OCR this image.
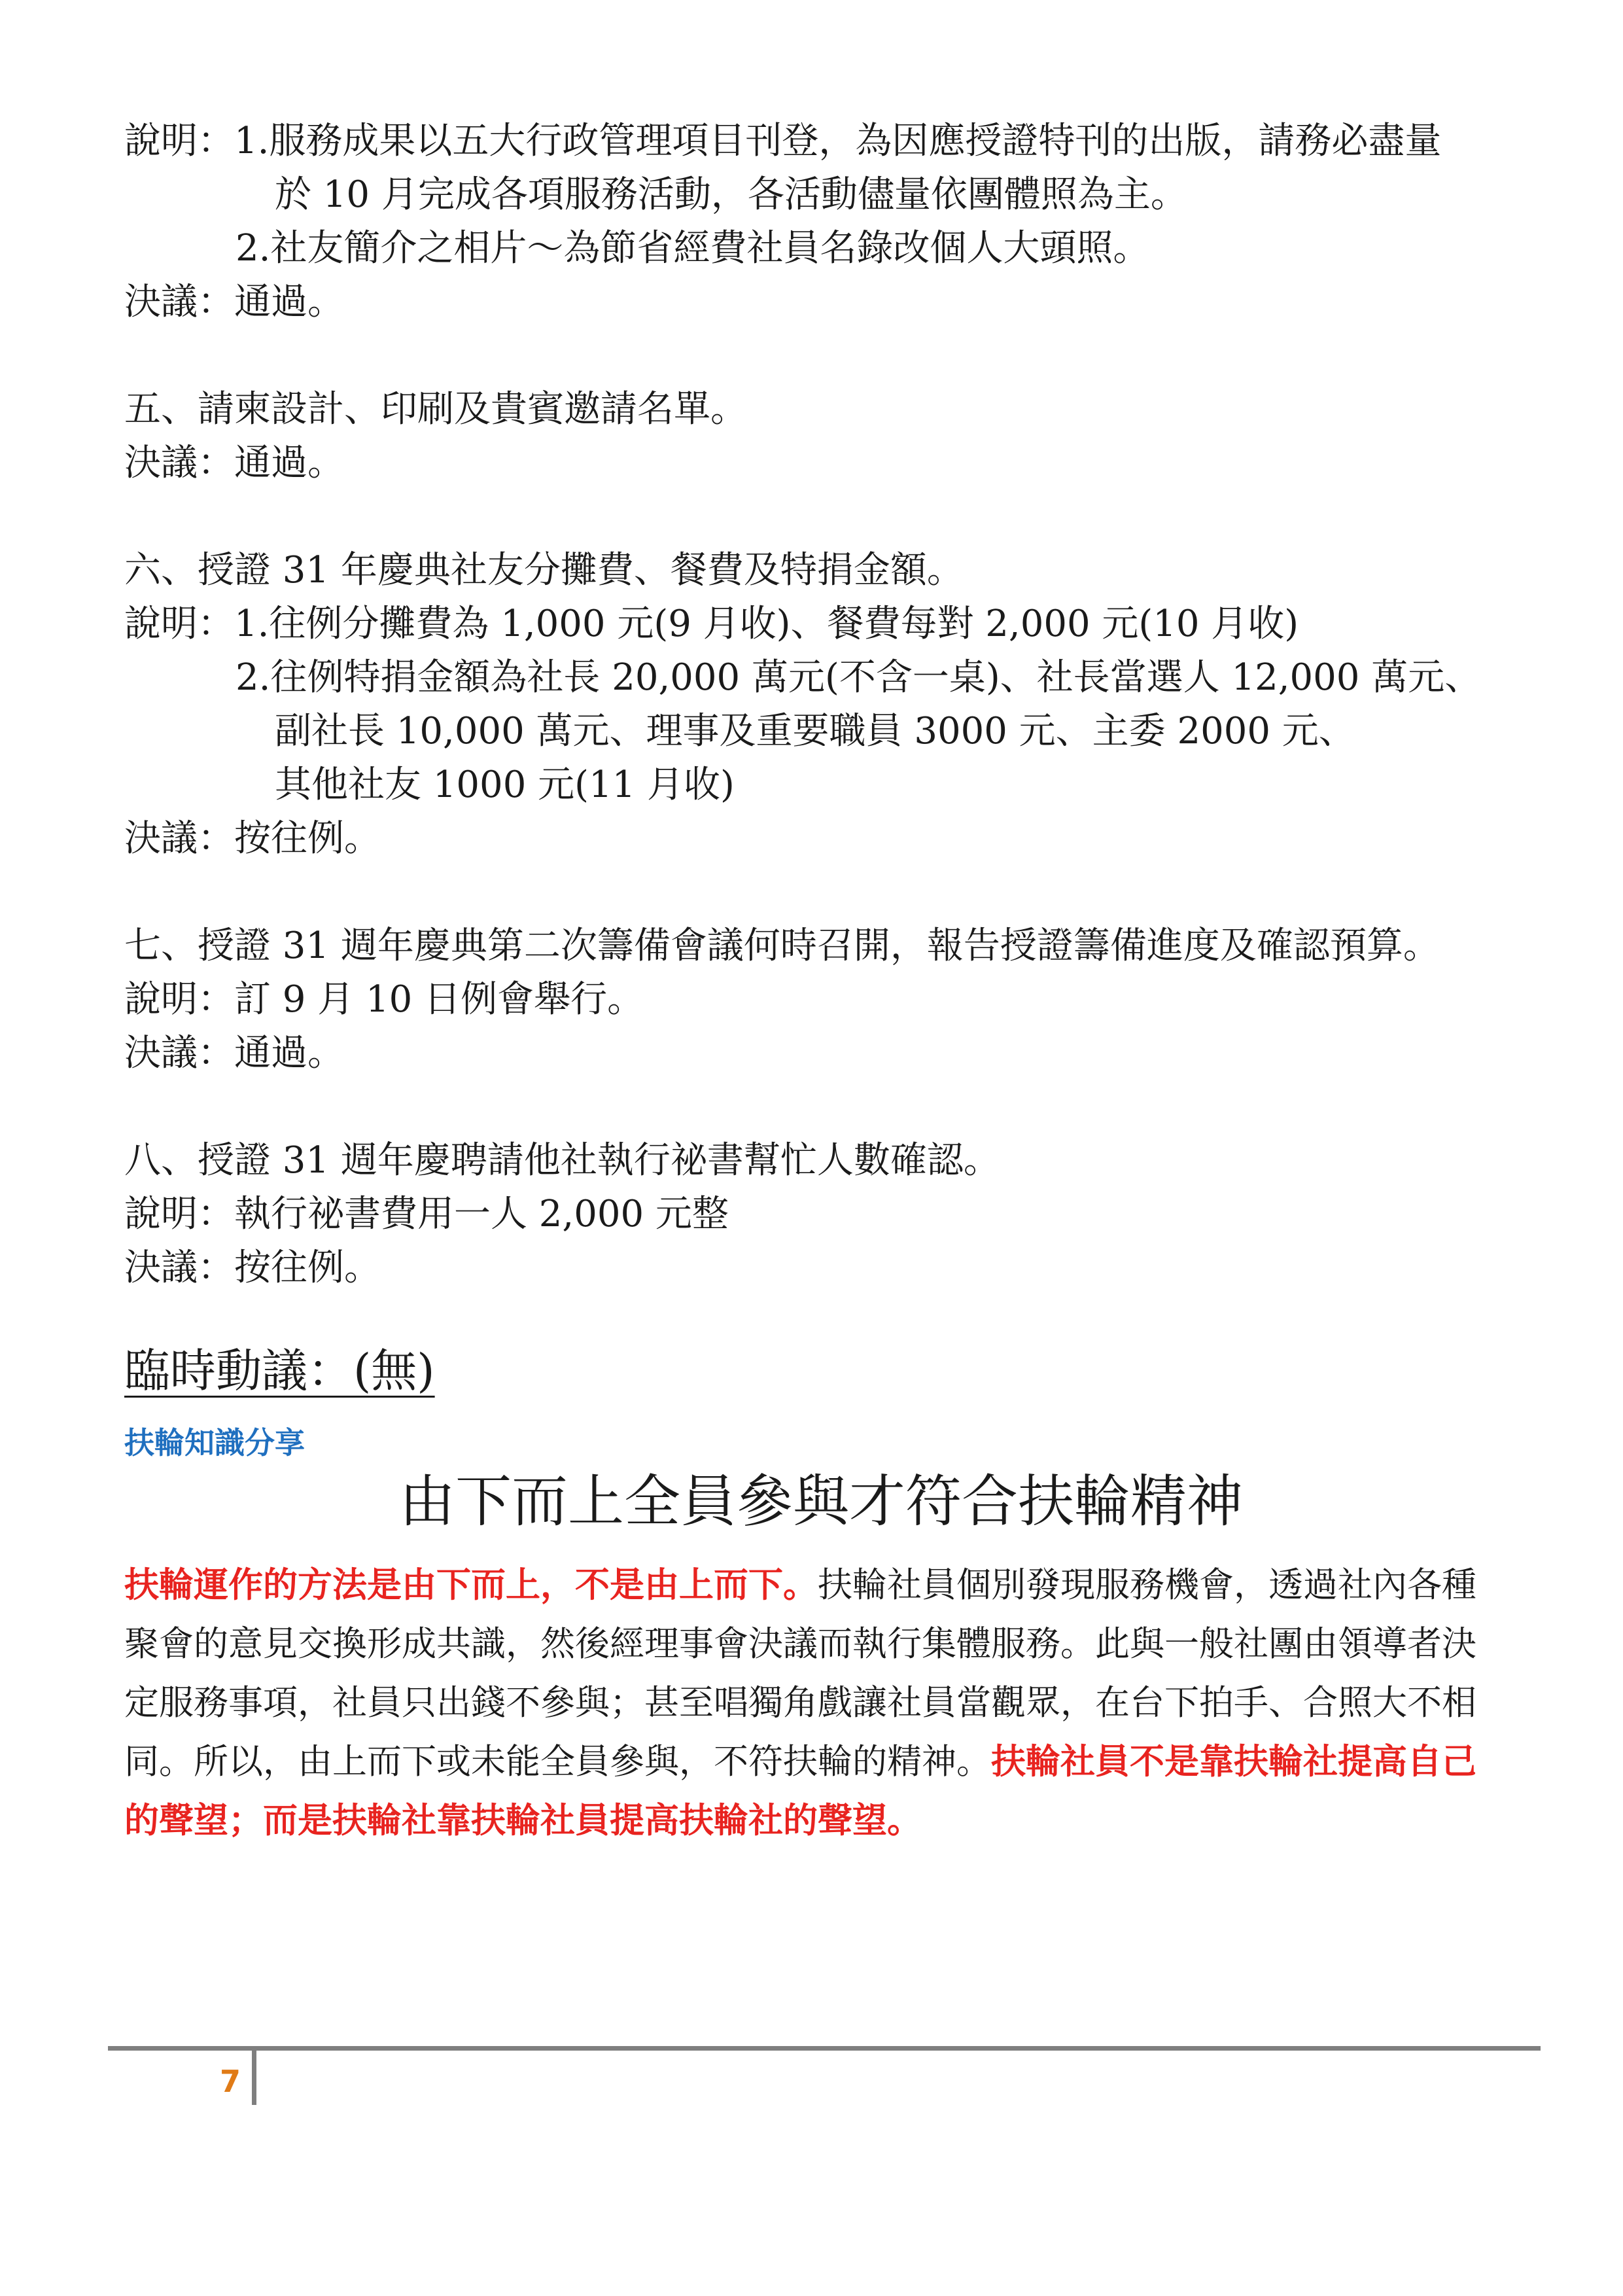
說明：1.服務成果以五大行政管理項目刊登，為因應授證特刊的出版，請務必盡量
於 10 月完成各項服務活動，各活動儘量依團體照為主。
2.社友簡介之相片～為節省經費社員名錄改個人大頭照。
決議：通過。
五、請柬設計、印刷及貴賓邀請名單。
決議：通過。
六、授證 31 年慶典社友分攤費、餐費及特捐金額。
說明：1.往例分攤費為 1,000 元(9 月收)、餐費每對 2,000 元(10 月收)
2.往例特捐金額為社長 20,000 萬元(不含一桌)、社長當選人 12,000 萬元、
副社長 10,000 萬元、理事及重要職員 3000 元、主委 2000 元、
其他社友 1000 元(11 月收)
決議：按往例。
七、授證 31 週年慶典第二次籌備會議何時召開，報告授證籌備進度及確認預算。
說明：訂 9 月 10 日例會舉行。
決議：通過。
八、授證 31 週年慶聘請他社執行祕書幫忙人數確認。
說明：執行祕書費用一人 2,000 元整
決議：按往例。
臨時動議：(無)
扶輪知識分享
由下而上全員參與才符合扶輪精神
扶輪運作的方法是由下而上，不是由上而下。扶輪社員個別發現服務機會，透過社內各種聚會的意見交換形成共識，然後經理事會決議而執行集體服務。此與一般社團由領導者決定服務事項，社員只出錢不參與；甚至唱獨角戲讓社員當觀眾，在台下拍手、合照大不相同。所以，由上而下或未能全員參與，不符扶輪的精神。扶輪社員不是靠扶輪社提高自己的聲望；而是扶輪社靠扶輪社員提高扶輪社的聲望。
7
